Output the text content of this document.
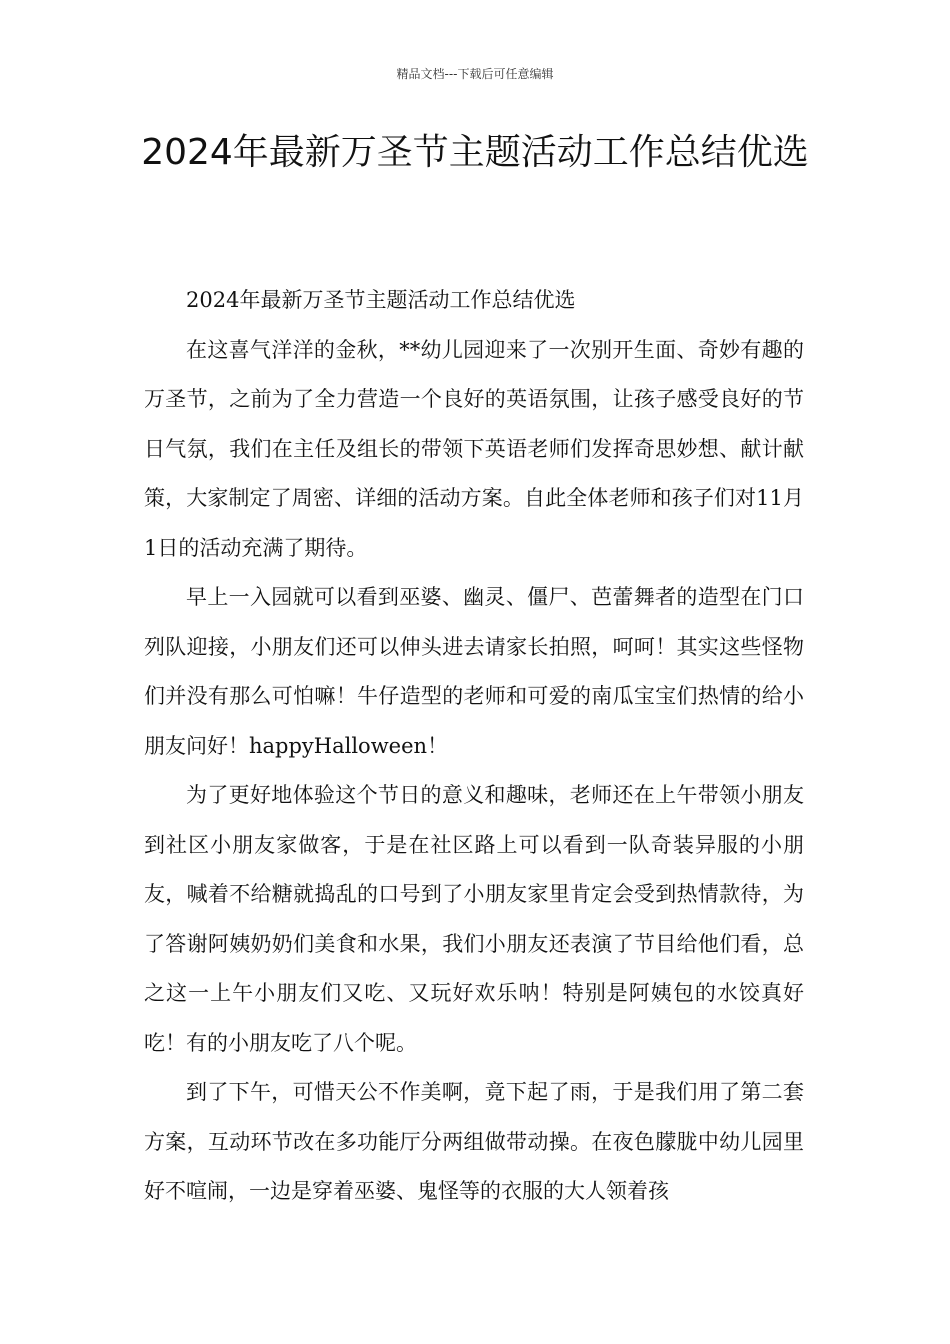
精品文档---下载后可任意编辑
2024年最新万圣节主题活动工作总结优选

2024年最新万圣节主题活动工作总结优选

在这喜气洋洋的金秋，**幼儿园迎来了一次别开生面、奇妙有趣的万圣节，之前为了全力营造一个良好的英语氛围，让孩子感受良好的节日气氛，我们在主任及组长的带领下英语老师们发挥奇思妙想、献计献策，大家制定了周密、详细的活动方案。自此全体老师和孩子们对11月1日的活动充满了期待。

早上一入园就可以看到巫婆、幽灵、僵尸、芭蕾舞者的造型在门口列队迎接，小朋友们还可以伸头进去请家长拍照，呵呵！其实这些怪物们并没有那么可怕嘛！牛仔造型的老师和可爱的南瓜宝宝们热情的给小朋友问好！happyHalloween！

为了更好地体验这个节日的意义和趣味，老师还在上午带领小朋友到社区小朋友家做客，于是在社区路上可以看到一队奇装异服的小朋友，喊着不给糖就捣乱的口号到了小朋友家里肯定会受到热情款待，为了答谢阿姨奶奶们美食和水果，我们小朋友还表演了节目给他们看，总之这一上午小朋友们又吃、又玩好欢乐呐！特别是阿姨包的水饺真好吃！有的小朋友吃了八个呢。

到了下午，可惜天公不作美啊，竟下起了雨，于是我们用了第二套方案，互动环节改在多功能厅分两组做带动操。在夜色朦胧中幼儿园里好不喧闹，一边是穿着巫婆、鬼怪等的衣服的大人领着孩
